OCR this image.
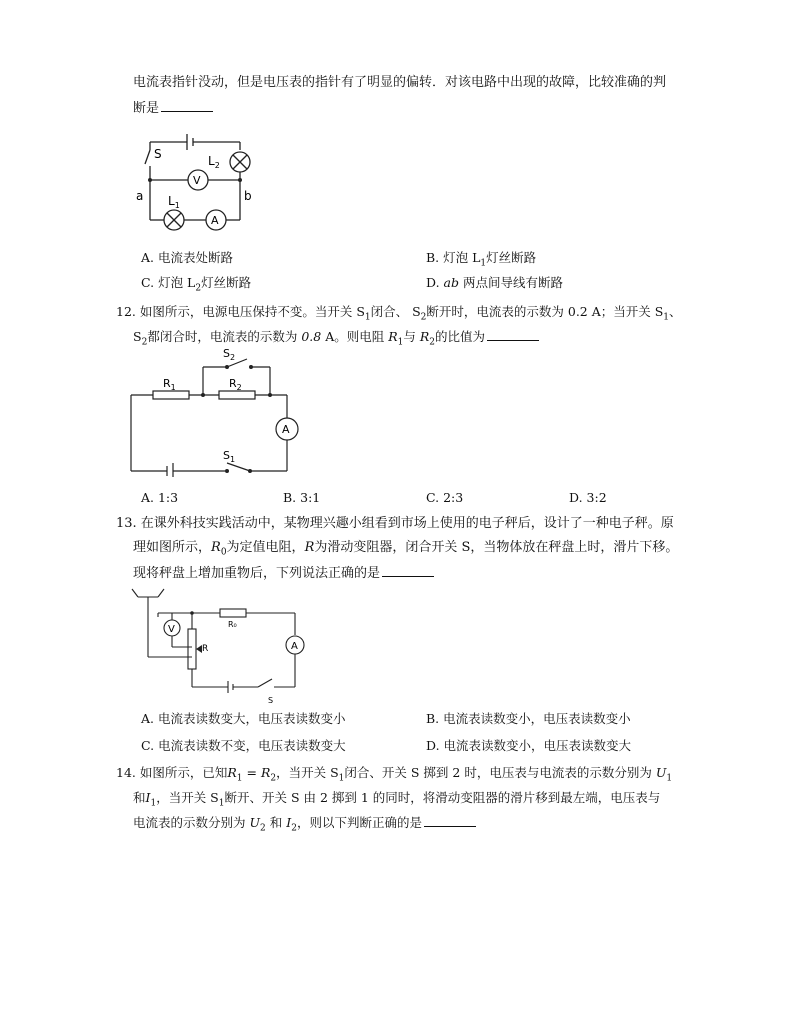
电流表指针没动，但是电压表的指针有了明显的偏转．对该电路中出现的故障，比较准确的判
断是
S	$L_2$
V
$L_1$
A
a	b
A. 电流表处断路	B. 灯泡 $L_1$灯丝断路
C. 灯泡 $L_2$灯丝断路	D. ab 两点间导线有断路
12. 如图所示，电源电压保持不变。当开关 $S_1$闭合、 $S_2$断开时，电流表的示数为 0.2 A；当开关 $S_1$、
$S_2$都闭合时，电流表的示数为 0.8 A。则电阻 $R_1$与 $R_2$的比值为
$S_2$
$R_1$	$R_2$
A
$S_1$
A. 1:3	B. 3:1	C. 2:3	D. 3:2
13. 在课外科技实践活动中，某物理兴趣小组看到市场上使用的电子秤后，设计了一种电子秤。原
理如图所示，$R_0$为定值电阻，R为滑动变阻器，闭合开关 S，当物体放在秤盘上时，滑片下移。
现将秤盘上增加重物后，下列说法正确的是
V	R₀
A
R
S
A. 电流表读数变大，电压表读数变小	B. 电流表读数变小，电压表读数变小
C. 电流表读数不变，电压表读数变大	D. 电流表读数变小，电压表读数变大
14. 如图所示，已知$R_1 = R_2$，当开关 $S_1$闭合、开关 S 掷到 2 时，电压表与电流表的示数分别为 $U_1$
和$I_1$，当开关 $S_1$断开、开关 S 由 2 掷到 1 的同时，将滑动变阻器的滑片移到最左端，电压表与
电流表的示数分别为 $U_2$ 和 $I_2$，则以下判断正确的是
